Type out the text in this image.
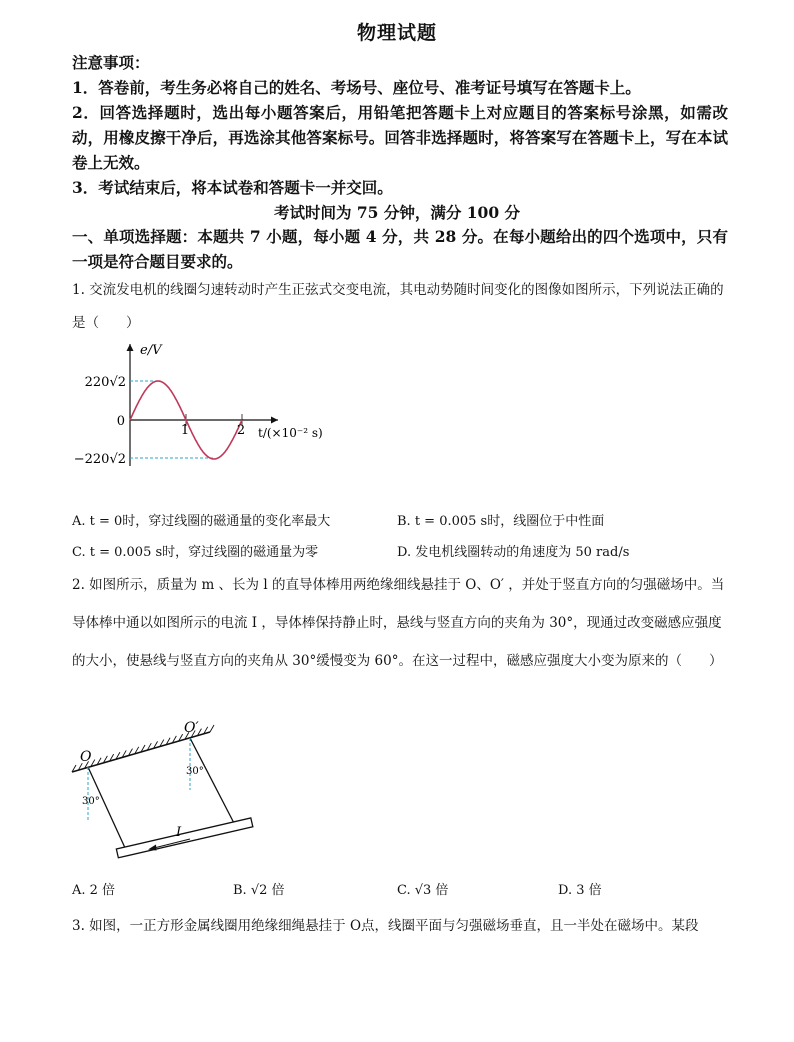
物理试题
注意事项：
1．答卷前，考生务必将自己的姓名、考场号、座位号、准考证号填写在答题卡上。
2．回答选择题时，选出每小题答案后，用铅笔把答题卡上对应题目的答案标号涂黑，如需改动，用橡皮擦干净后，再选涂其他答案标号。回答非选择题时，将答案写在答题卡上，写在本试卷上无效。
3．考试结束后，将本试卷和答题卡一并交回。
考试时间为 75 分钟，满分 100 分
一、单项选择题：本题共 7 小题，每小题 4 分，共 28 分。在每小题给出的四个选项中，只有一项是符合题目要求的。
1. 交流发电机的线圈匀速转动时产生正弦式交变电流，其电动势随时间变化的图像如图所示，下列说法正确的是（　　）
e/V
220√2
0
−220√2
1	2 t/(×10⁻² s)
A. t = 0时，穿过线圈的磁通量的变化率最大	B. t = 0.005 s时，线圈位于中性面
C. t = 0.005 s时，穿过线圈的磁通量为零	D. 发电机线圈转动的角速度为 50 rad/s
2. 如图所示，质量为 m 、长为 l 的直导体棒用两绝缘细线悬挂于 O、O′ ，并处于竖直方向的匀强磁场中。当导体棒中通以如图所示的电流 I ，导体棒保持静止时，悬线与竖直方向的夹角为 30°，现通过改变磁感应强度的大小，使悬线与竖直方向的夹角从 30°缓慢变为 60°。在这一过程中，磁感应强度大小变为原来的（　　）
O
O′
30°
30°
I
A. 2 倍	B. √2 倍	C. √3 倍	D. 3 倍
3. 如图，一正方形金属线圈用绝缘细绳悬挂于 O点，线圈平面与匀强磁场垂直，且一半处在磁场中。某段
